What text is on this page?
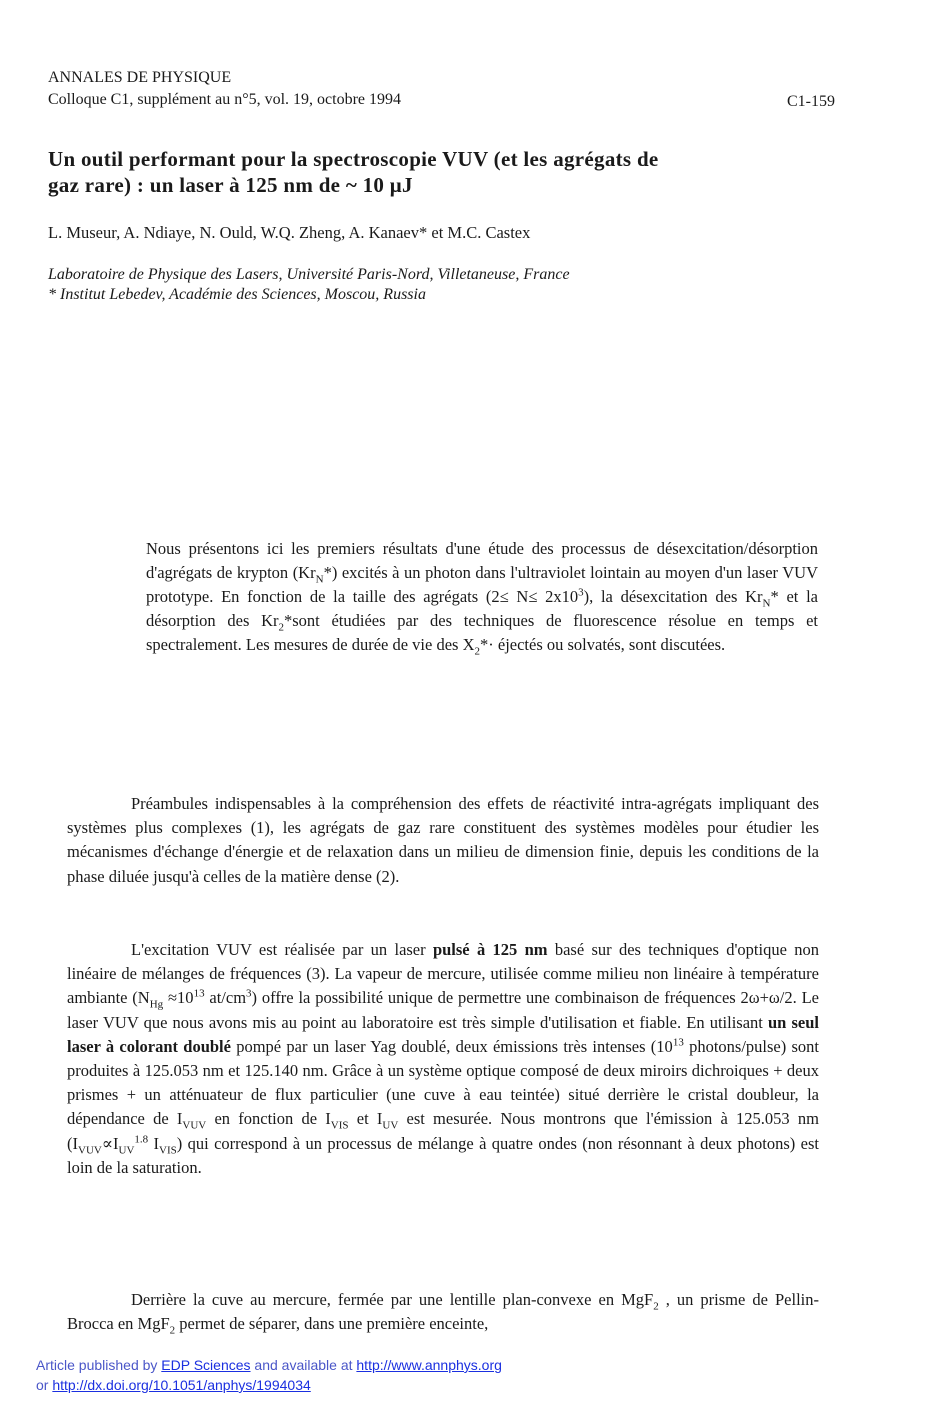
ANNALES DE PHYSIQUE
Colloque C1, supplément au n°5, vol. 19, octobre 1994	C1-159
Un outil performant pour la spectroscopie VUV (et les agrégats de
gaz rare) : un laser à 125 nm de ~ 10 μJ
L. Museur, A. Ndiaye, N. Ould, W.Q. Zheng, A. Kanaev* et M.C. Castex
Laboratoire de Physique des Lasers, Université Paris-Nord, Villetaneuse, France
* Institut Lebedev, Académie des Sciences, Moscou, Russia
Nous présentons ici les premiers résultats d'une étude des processus de désexcitation/désorption d'agrégats de krypton $(Kr_N*)$ excités à un photon dans l'ultraviolet lointain au moyen d'un laser VUV prototype. En fonction de la taille des agrégats $(2\le N\le 2x10^3)$, la désexcitation des $Kr_N*$ et la désorption des $Kr_2*sont$ étudiées par des techniques de fluorescence résolue en temps et spectralement. Les mesures de durée de vie des $X_2*\cdot$ éjectés ou solvatés, sont discutées.
Préambules indispensables à la compréhension des effets de réactivité intra-agrégats impliquant des systèmes plus complexes (1), les agrégats de gaz rare constituent des systèmes modèles pour étudier les mécanismes d'échange d'énergie et de relaxation dans un milieu de dimension finie, depuis les conditions de la phase diluée jusqu'à celles de la matière dense (2).
L'excitation VUV est réalisée par un laser pulsé à 125 nm basé sur des techniques d'optique non linéaire de mélanges de fréquences (3). La vapeur de mercure, utilisée comme milieu non linéaire à température ambiante ($N_{Hg} \approx 10^{13}$ $at/cm^3$) offre la possibilité unique de permettre une combinaison de fréquences 2ω+ω/2. Le laser VUV que nous avons mis au point au laboratoire est très simple d'utilisation et fiable. En utilisant un seul laser à colorant doublé pompé par un laser Yag doublé, deux émissions très intenses ($10^{13}$ photons/pulse) sont produites à 125.053 nm et 125.140 nm. Grâce à un système optique composé de deux miroirs dichroiques + deux prismes + un atténuateur de flux particulier (une cuve à eau teintée) situé derrière le cristal doubleur, la dépendance de $I_{VUV}$ en fonction de $I_{VIS}$ et $I_{UV}$ est mesurée. Nous montrons que l'émission à 125.053 nm ($I_{VUV}\propto I_{UV}^{1.8}$ $I_{VIS}$) qui correspond à un processus de mélange à quatre ondes (non résonnant à deux photons) est loin de la saturation.
Derrière la cuve au mercure, fermée par une lentille plan-convexe en MgF$_2$ , un prisme de Pellin-Brocca en MgF$_2$ permet de séparer, dans une première enceinte,
Article published by EDP Sciences and available at http://www.annphys.org
or http://dx.doi.org/10.1051/anphys/1994034
